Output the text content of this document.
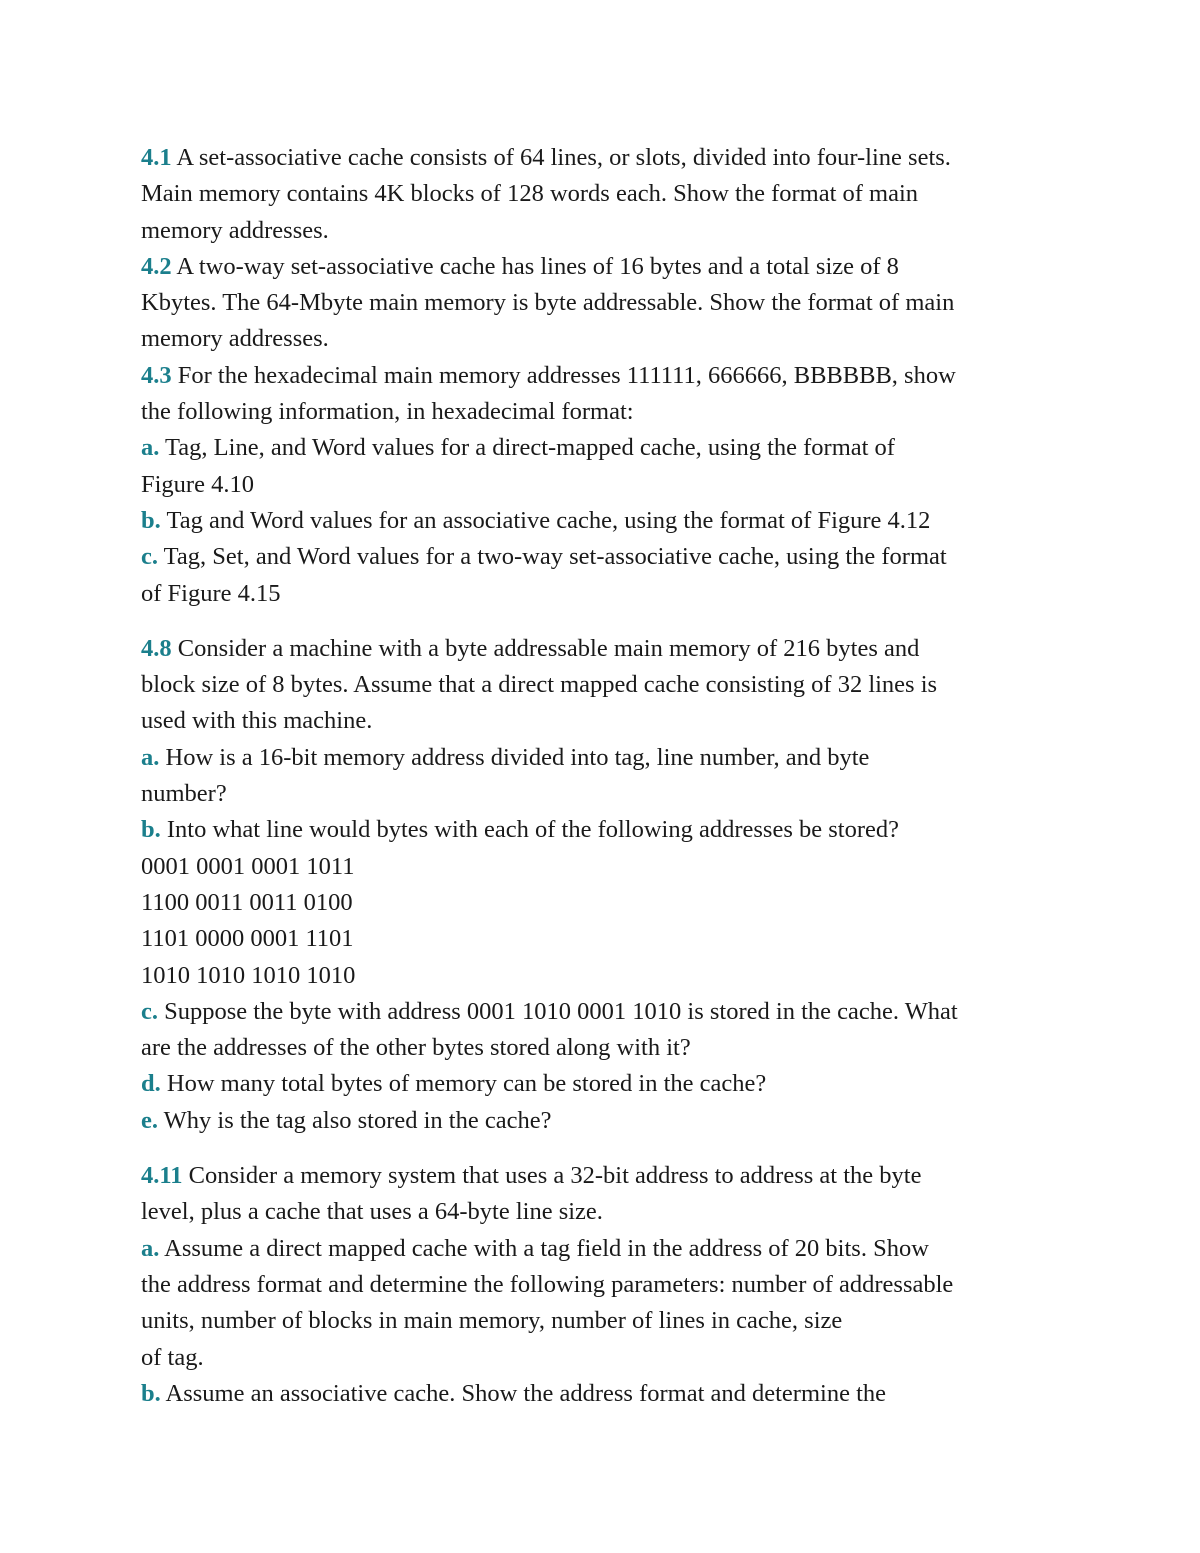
4.1 A set-associative cache consists of 64 lines, or slots, divided into four-line sets.
Main memory contains 4K blocks of 128 words each. Show the format of main
memory addresses.
4.2 A two-way set-associative cache has lines of 16 bytes and a total size of 8
Kbytes. The 64-Mbyte main memory is byte addressable. Show the format of main
memory addresses.
4.3 For the hexadecimal main memory addresses 111111, 666666, BBBBBB, show
the following information, in hexadecimal format:
a. Tag, Line, and Word values for a direct-mapped cache, using the format of
Figure 4.10
b. Tag and Word values for an associative cache, using the format of Figure 4.12
c. Tag, Set, and Word values for a two-way set-associative cache, using the format
of Figure 4.15
4.8 Consider a machine with a byte addressable main memory of 216 bytes and
block size of 8 bytes. Assume that a direct mapped cache consisting of 32 lines is
used with this machine.
a. How is a 16-bit memory address divided into tag, line number, and byte
number?
b. Into what line would bytes with each of the following addresses be stored?
0001 0001 0001 1011
1100 0011 0011 0100
1101 0000 0001 1101
1010 1010 1010 1010
c. Suppose the byte with address 0001 1010 0001 1010 is stored in the cache. What
are the addresses of the other bytes stored along with it?
d. How many total bytes of memory can be stored in the cache?
e. Why is the tag also stored in the cache?
4.11 Consider a memory system that uses a 32-bit address to address at the byte
level, plus a cache that uses a 64-byte line size.
a. Assume a direct mapped cache with a tag field in the address of 20 bits. Show
the address format and determine the following parameters: number of addressable
units, number of blocks in main memory, number of lines in cache, size
of tag.
b. Assume an associative cache. Show the address format and determine the
